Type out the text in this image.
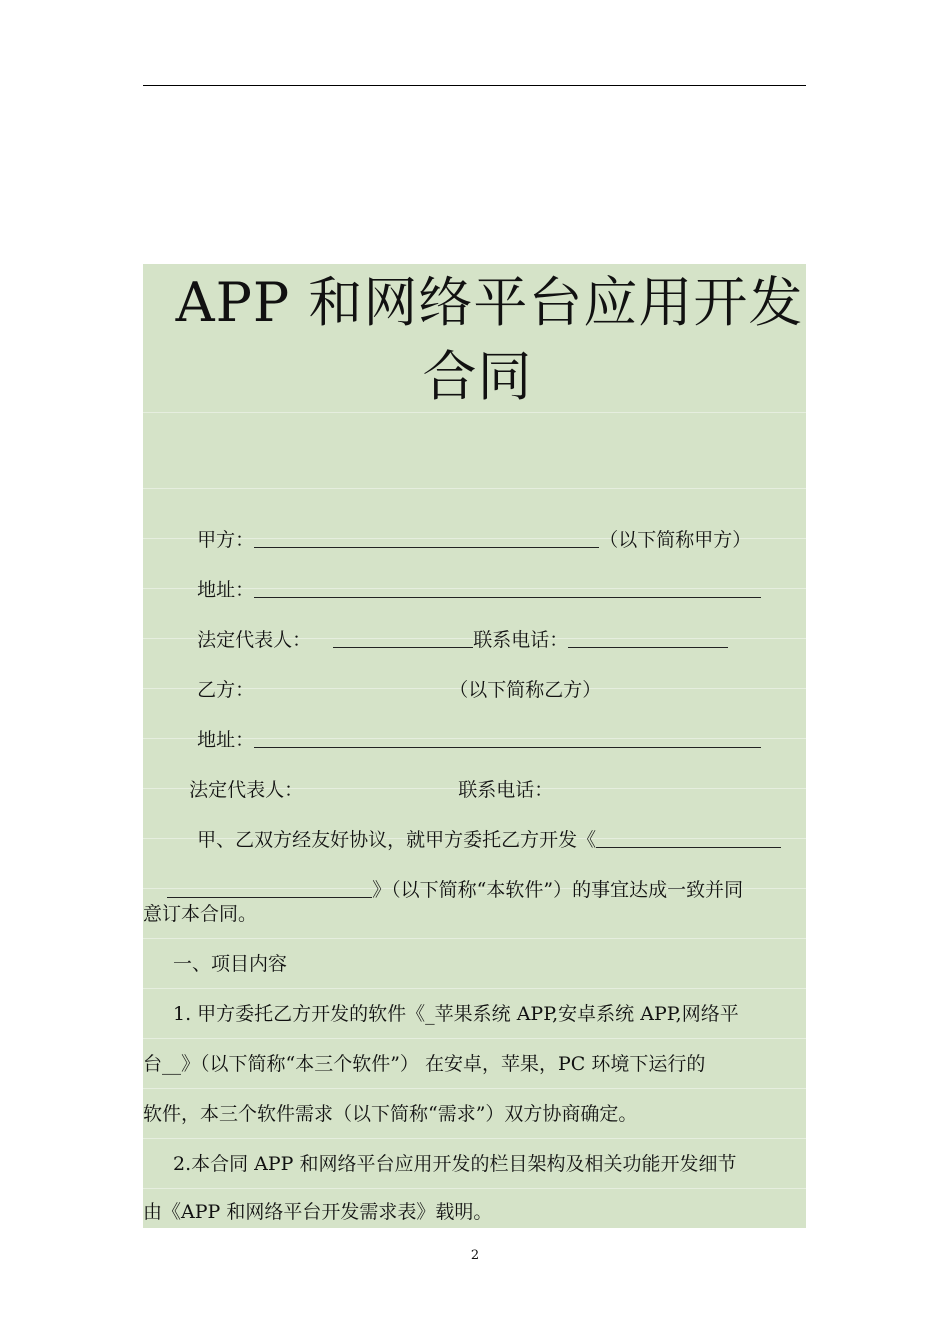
APP 和网络平台应用开发
合同

甲方：	（以下简称甲方）

地址：

法定代表人：	联系电话：

乙方：	（以下简称乙方）

地址：

法定代表人：	联系电话：

甲、乙双方经友好协议，就甲方委托乙方开发《

》（以下简称“本软件”）的事宜达成一致并同

意订本合同。
一、项目内容
1. 甲方委托乙方开发的软件《_苹果系统 APP,安卓系统 APP,网络平
台__》（以下简称“本三个软件”） 在安卓，苹果，PC 环境下运行的
软件，本三个软件需求（以下简称“需求”）双方协商确定。
2.本合同 APP 和网络平台应用开发的栏目架构及相关功能开发细节
由《APP 和网络平台开发需求表》载明。
2
